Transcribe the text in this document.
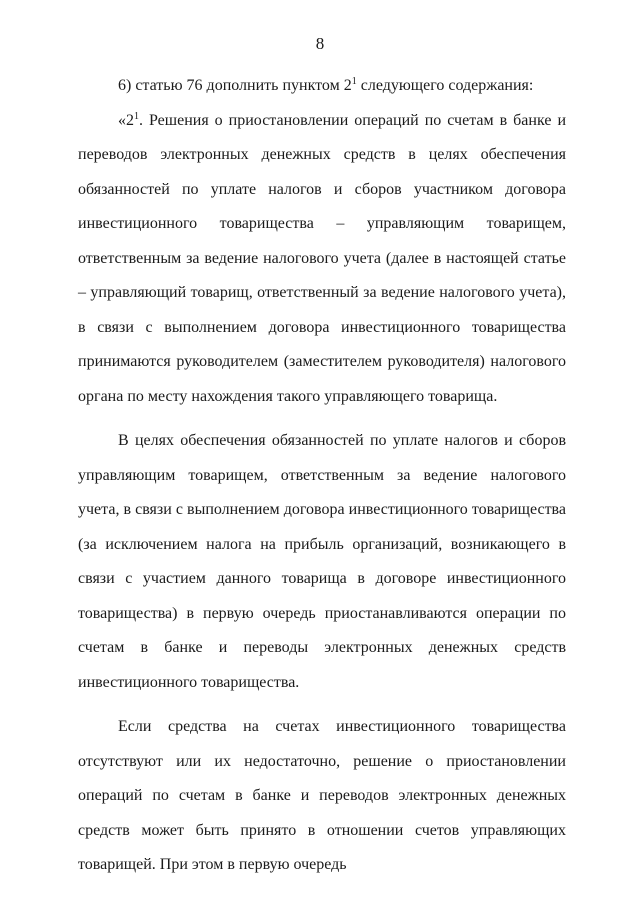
8

6) статью 76 дополнить пунктом $2^1$ следующего содержания:

«$2^1$. Решения о приостановлении операций по счетам в банке и переводов электронных денежных средств в целях обеспечения обязанностей по уплате налогов и сборов участником договора инвестиционного товарищества – управляющим товарищем, ответственным за ведение налогового учета (далее в настоящей статье – управляющий товарищ, ответственный за ведение налогового учета), в связи с выполнением договора инвестиционного товарищества принимаются руководителем (заместителем руководителя) налогового органа по месту нахождения такого управляющего товарища.

В целях обеспечения обязанностей по уплате налогов и сборов управляющим товарищем, ответственным за ведение налогового учета, в связи с выполнением договора инвестиционного товарищества (за исключением налога на прибыль организаций, возникающего в связи с участием данного товарища в договоре инвестиционного товарищества) в первую очередь приостанавливаются операции по счетам в банке и переводы электронных денежных средств инвестиционного товарищества.

Если средства на счетах инвестиционного товарищества отсутствуют или их недостаточно, решение о приостановлении операций по счетам в банке и переводов электронных денежных средств может быть принято в отношении счетов управляющих товарищей. При этом в первую очередь
